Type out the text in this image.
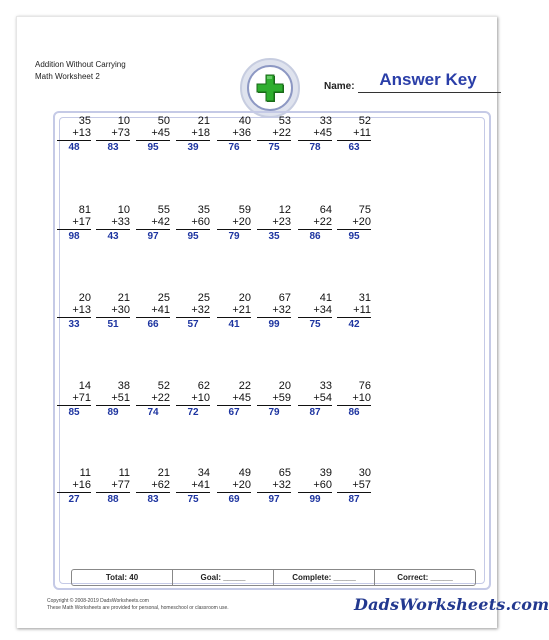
Addition Without Carrying
Math Worksheet 2
Name:	Answer Key
35
+13
48
10
+73
83
50
+45
95
21
+18
39
40
+36
76
53
+22
75
33
+45
78
52
+11
63
81
+17
98
10
+33
43
55
+42
97
35
+60
95
59
+20
79
12
+23
35
64
+22
86
75
+20
95
20
+13
33
21
+30
51
25
+41
66
25
+32
57
20
+21
41
67
+32
99
41
+34
75
31
+11
42
14
+71
85
38
+51
89
52
+22
74
62
+10
72
22
+45
67
20
+59
79
33
+54
87
76
+10
86
11
+16
27
11
+77
88
21
+62
83
34
+41
75
49
+20
69
65
+32
97
39
+60
99
30
+57
87
Total: 40	Goal: _____	Complete: _____	Correct: _____
Copyright © 2008-2019 DadsWorksheets.com
These Math Worksheets are provided for personal, homeschool or classroom use.	DadsWorksheets.com
